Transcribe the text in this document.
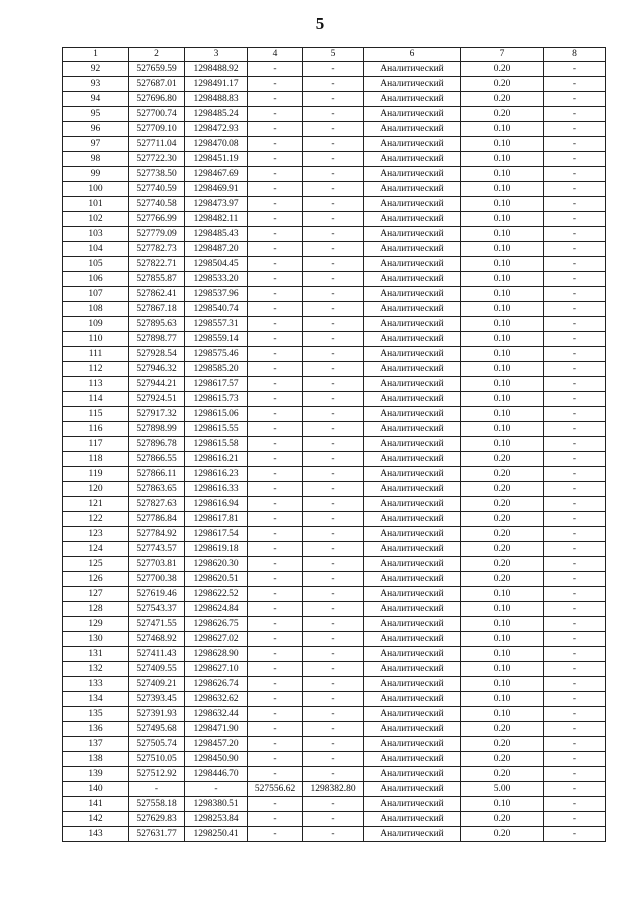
5
1	2	3	4	5	6	7	8
92	527659.59	1298488.92	-	-	Аналитический	0.20	-
93	527687.01	1298491.17	-	-	Аналитический	0.20	-
94	527696.80	1298488.83	-	-	Аналитический	0.20	-
95	527700.74	1298485.24	-	-	Аналитический	0.20	-
96	527709.10	1298472.93	-	-	Аналитический	0.10	-
97	527711.04	1298470.08	-	-	Аналитический	0.10	-
98	527722.30	1298451.19	-	-	Аналитический	0.10	-
99	527738.50	1298467.69	-	-	Аналитический	0.10	-
100	527740.59	1298469.91	-	-	Аналитический	0.10	-
101	527740.58	1298473.97	-	-	Аналитический	0.10	-
102	527766.99	1298482.11	-	-	Аналитический	0.10	-
103	527779.09	1298485.43	-	-	Аналитический	0.10	-
104	527782.73	1298487.20	-	-	Аналитический	0.10	-
105	527822.71	1298504.45	-	-	Аналитический	0.10	-
106	527855.87	1298533.20	-	-	Аналитический	0.10	-
107	527862.41	1298537.96	-	-	Аналитический	0.10	-
108	527867.18	1298540.74	-	-	Аналитический	0.10	-
109	527895.63	1298557.31	-	-	Аналитический	0.10	-
110	527898.77	1298559.14	-	-	Аналитический	0.10	-
111	527928.54	1298575.46	-	-	Аналитический	0.10	-
112	527946.32	1298585.20	-	-	Аналитический	0.10	-
113	527944.21	1298617.57	-	-	Аналитический	0.10	-
114	527924.51	1298615.73	-	-	Аналитический	0.10	-
115	527917.32	1298615.06	-	-	Аналитический	0.10	-
116	527898.99	1298615.55	-	-	Аналитический	0.10	-
117	527896.78	1298615.58	-	-	Аналитический	0.10	-
118	527866.55	1298616.21	-	-	Аналитический	0.20	-
119	527866.11	1298616.23	-	-	Аналитический	0.20	-
120	527863.65	1298616.33	-	-	Аналитический	0.20	-
121	527827.63	1298616.94	-	-	Аналитический	0.20	-
122	527786.84	1298617.81	-	-	Аналитический	0.20	-
123	527784.92	1298617.54	-	-	Аналитический	0.20	-
124	527743.57	1298619.18	-	-	Аналитический	0.20	-
125	527703.81	1298620.30	-	-	Аналитический	0.20	-
126	527700.38	1298620.51	-	-	Аналитический	0.20	-
127	527619.46	1298622.52	-	-	Аналитический	0.10	-
128	527543.37	1298624.84	-	-	Аналитический	0.10	-
129	527471.55	1298626.75	-	-	Аналитический	0.10	-
130	527468.92	1298627.02	-	-	Аналитический	0.10	-
131	527411.43	1298628.90	-	-	Аналитический	0.10	-
132	527409.55	1298627.10	-	-	Аналитический	0.10	-
133	527409.21	1298626.74	-	-	Аналитический	0.10	-
134	527393.45	1298632.62	-	-	Аналитический	0.10	-
135	527391.93	1298632.44	-	-	Аналитический	0.10	-
136	527495.68	1298471.90	-	-	Аналитический	0.20	-
137	527505.74	1298457.20	-	-	Аналитический	0.20	-
138	527510.05	1298450.90	-	-	Аналитический	0.20	-
139	527512.92	1298446.70	-	-	Аналитический	0.20	-
140	-	-	527556.62	1298382.80	Аналитический	5.00	-
141	527558.18	1298380.51	-	-	Аналитический	0.10	-
142	527629.83	1298253.84	-	-	Аналитический	0.20	-
143	527631.77	1298250.41	-	-	Аналитический	0.20	-
